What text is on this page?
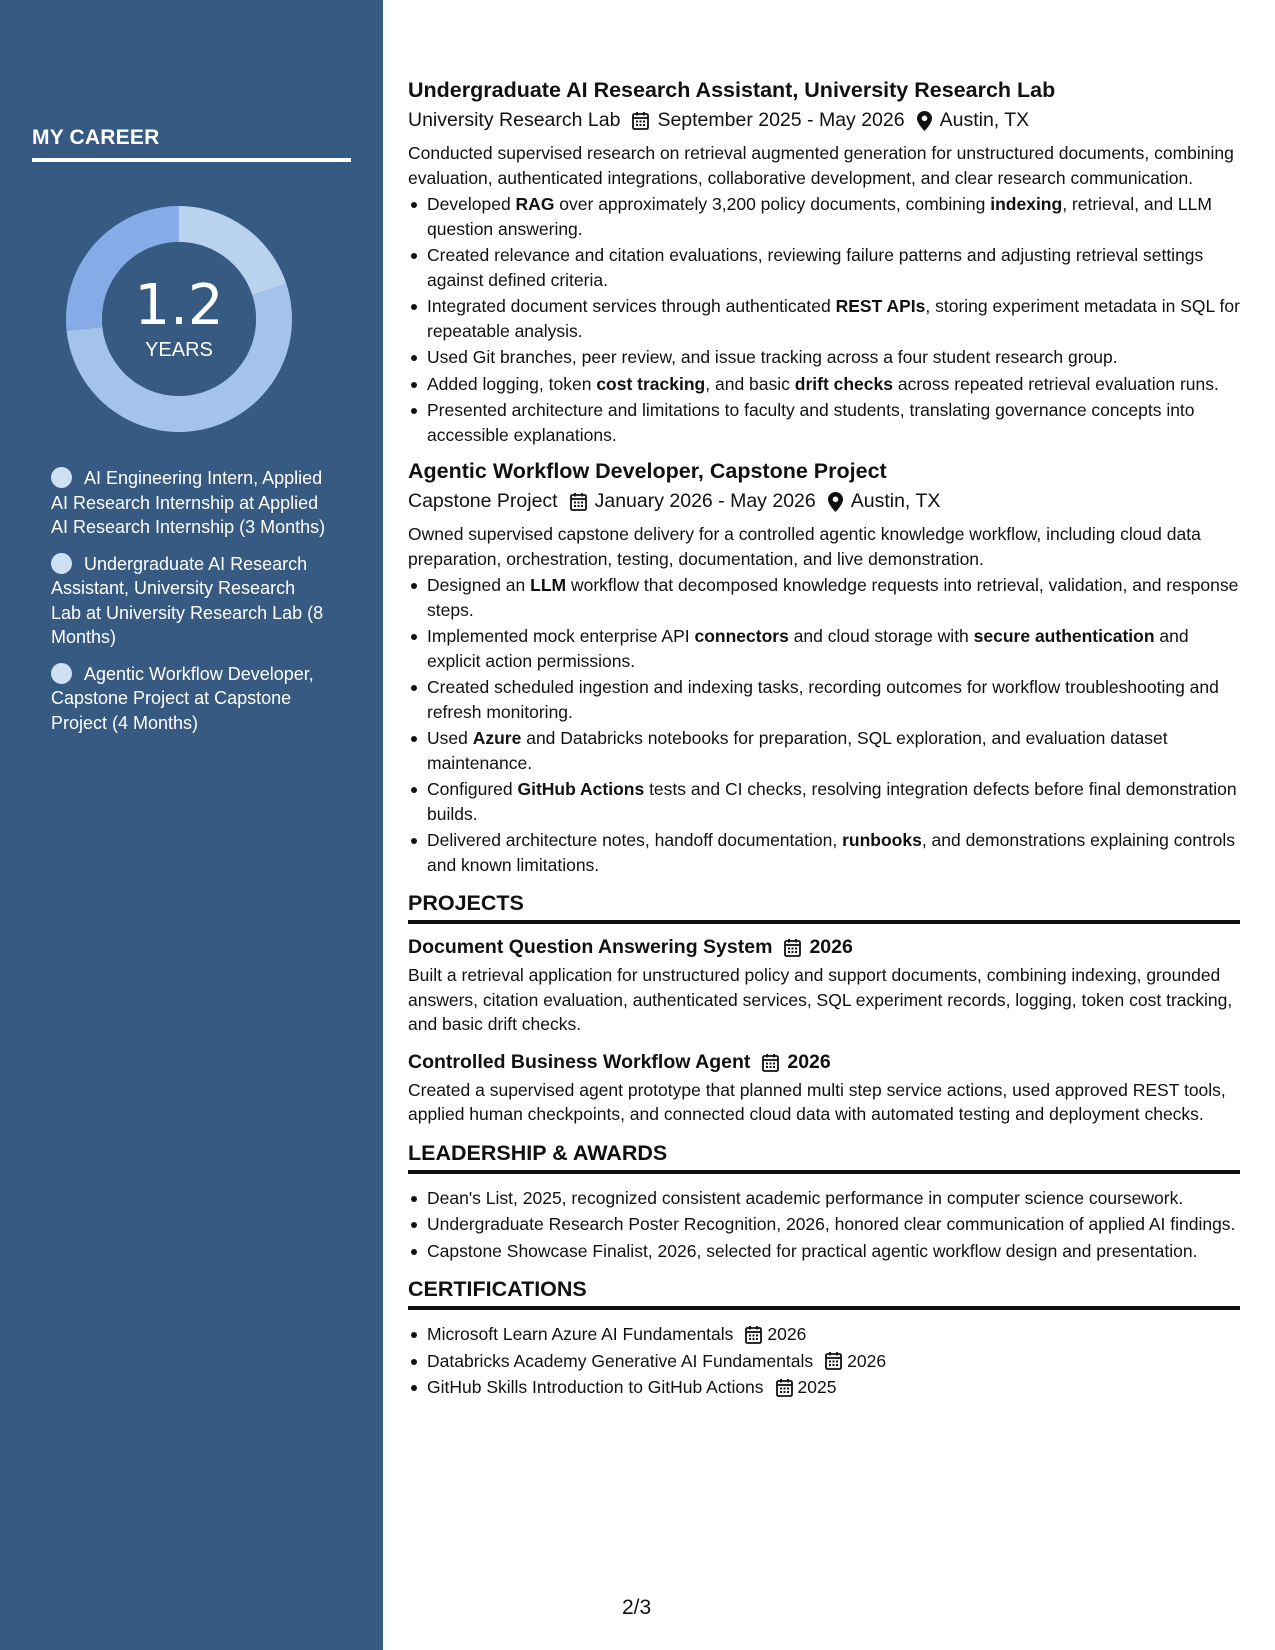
MY CAREER
1.2
YEARS
AI Engineering Intern, Applied AI Research Internship at Applied AI Research Internship (3 Months)
Undergraduate AI Research Assistant, University Research Lab at University Research Lab (8 Months)
Agentic Workflow Developer, Capstone Project at Capstone Project (4 Months)
Undergraduate AI Research Assistant, University Research Lab
University Research Lab September 2025 - May 2026 Austin, TX

Conducted supervised research on retrieval augmented generation for unstructured documents, combining evaluation, authenticated integrations, collaborative development, and clear research communication.

Developed RAG over approximately 3,200 policy documents, combining indexing, retrieval, and LLM question answering.
Created relevance and citation evaluations, reviewing failure patterns and adjusting retrieval settings against defined criteria.
Integrated document services through authenticated REST APIs, storing experiment metadata in SQL for repeatable analysis.
Used Git branches, peer review, and issue tracking across a four student research group.
Added logging, token cost tracking, and basic drift checks across repeated retrieval evaluation runs.
Presented architecture and limitations to faculty and students, translating governance concepts into accessible explanations.
Agentic Workflow Developer, Capstone Project
Capstone Project January 2026 - May 2026 Austin, TX

Owned supervised capstone delivery for a controlled agentic knowledge workflow, including cloud data preparation, orchestration, testing, documentation, and live demonstration.

Designed an LLM workflow that decomposed knowledge requests into retrieval, validation, and response steps.
Implemented mock enterprise API connectors and cloud storage with secure authentication and explicit action permissions.
Created scheduled ingestion and indexing tasks, recording outcomes for workflow troubleshooting and refresh monitoring.
Used Azure and Databricks notebooks for preparation, SQL exploration, and evaluation dataset maintenance.
Configured GitHub Actions tests and CI checks, resolving integration defects before final demonstration builds.
Delivered architecture notes, handoff documentation, runbooks, and demonstrations explaining controls and known limitations.
PROJECTS
Document Question Answering System 2026

Built a retrieval application for unstructured policy and support documents, combining indexing, grounded answers, citation evaluation, authenticated services, SQL experiment records, logging, token cost tracking, and basic drift checks.

Controlled Business Workflow Agent 2026

Created a supervised agent prototype that planned multi step service actions, used approved REST tools, applied human checkpoints, and connected cloud data with automated testing and deployment checks.

LEADERSHIP & AWARDS
Dean's List, 2025, recognized consistent academic performance in computer science coursework.
Undergraduate Research Poster Recognition, 2026, honored clear communication of applied AI findings.
Capstone Showcase Finalist, 2026, selected for practical agentic workflow design and presentation.
CERTIFICATIONS
Microsoft Learn Azure AI Fundamentals 2026
Databricks Academy Generative AI Fundamentals 2026
GitHub Skills Introduction to GitHub Actions 2025
2/3
